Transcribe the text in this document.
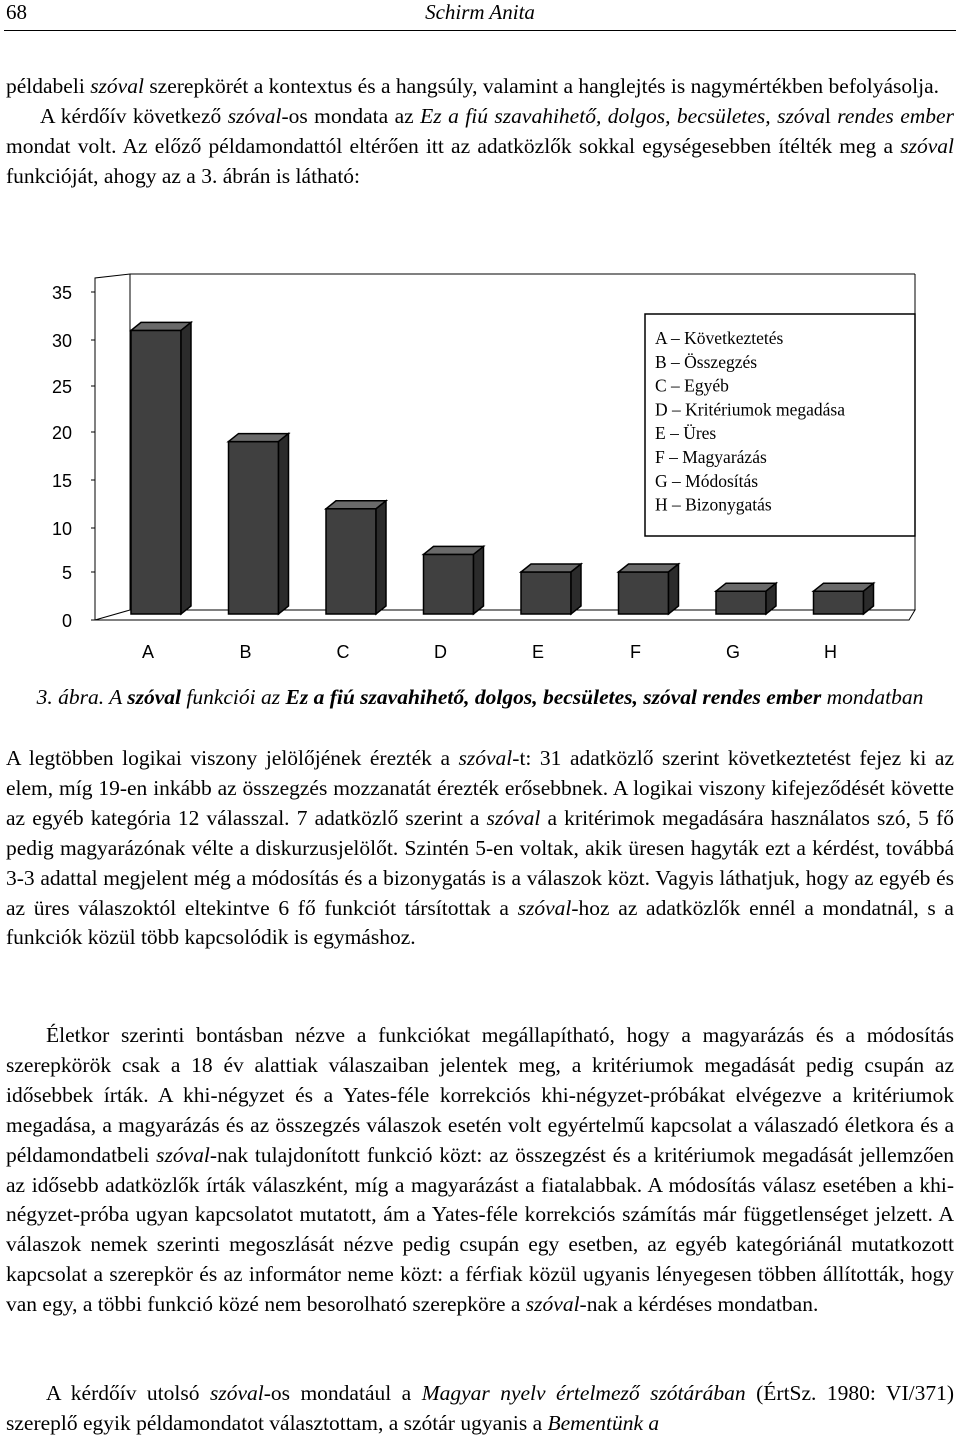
68	Schirm Anita

példabeli szóval szerepkörét a kontextus és a hangsúly, valamint a hanglejtés is nagymértékben befolyásolja.
A kérdőív következő szóval-os mondata az Ez a fiú szavahihető, dolgos, becsületes, szóval rendes ember mondat volt. Az előző példamondattól eltérően itt az adatközlők sokkal egységesebben ítélték meg a szóval funkcióját, ahogy az a 3. ábrán is látható:

0
5
10
15
20
25
30
35
A	B	C	D	E	F	G	H
A – Következtetés
B – Összegzés
C – Egyéb
D – Kritériumok megadása
E – Üres
F – Magyarázás
G – Módosítás
H – Bizonygatás

3. ábra. A szóval funkciói az Ez a fiú szavahihető, dolgos, becsületes, szóval rendes ember mondatban

A legtöbben logikai viszony jelölőjének érezték a szóval-t: 31 adatközlő szerint következtetést fejez ki az elem, míg 19-en inkább az összegzés mozzanatát érezték erősebbnek. A logikai viszony kifejeződését követte az egyéb kategória 12 válasszal. 7 adatközlő szerint a szóval a kritérimok megadására használatos szó, 5 fő pedig magyarázónak vélte a diskurzusjelölőt. Szintén 5-en voltak, akik üresen hagyták ezt a kérdést, továbbá 3-3 adattal megjelent még a módosítás és a bizonygatás is a válaszok közt. Vagyis láthatjuk, hogy az egyéb és az üres válaszoktól eltekintve 6 fő funkciót társítottak a szóval-hoz az adatközlők ennél a mondatnál, s a funkciók közül több kapcsolódik is egymáshoz.

Életkor szerinti bontásban nézve a funkciókat megállapítható, hogy a magyarázás és a módosítás szerepkörök csak a 18 év alattiak válaszaiban jelentek meg, a kritériumok megadását pedig csupán az idősebbek írták. A khi-négyzet és a Yates-féle korrekciós khi-négyzet-próbákat elvégezve a kritériumok megadása, a magyarázás és az összegzés válaszok esetén volt egyértelmű kapcsolat a válaszadó életkora és a példamondatbeli szóval-nak tulajdonított funkció közt: az összegzést és a kritériumok megadását jellemzően az idősebb adatközlők írták válaszként, míg a magyarázást a fiatalabbak. A módosítás válasz esetében a khi-négyzet-próba ugyan kapcsolatot mutatott, ám a Yates-féle korrekciós számítás már függetlenséget jelzett. A válaszok nemek szerinti megoszlását nézve pedig csupán egy esetben, az egyéb kategóriánál mutatkozott kapcsolat a szerepkör és az informátor neme közt: a férfiak közül ugyanis lényegesen többen állították, hogy van egy, a többi funkció közé nem besorolható szerepköre a szóval-nak a kérdéses mondatban.

A kérdőív utolsó szóval-os mondatául a Magyar nyelv értelmező szótárában (ÉrtSz. 1980: VI/371) szereplő egyik példamondatot választottam, a szótár ugyanis a Bementünk a
